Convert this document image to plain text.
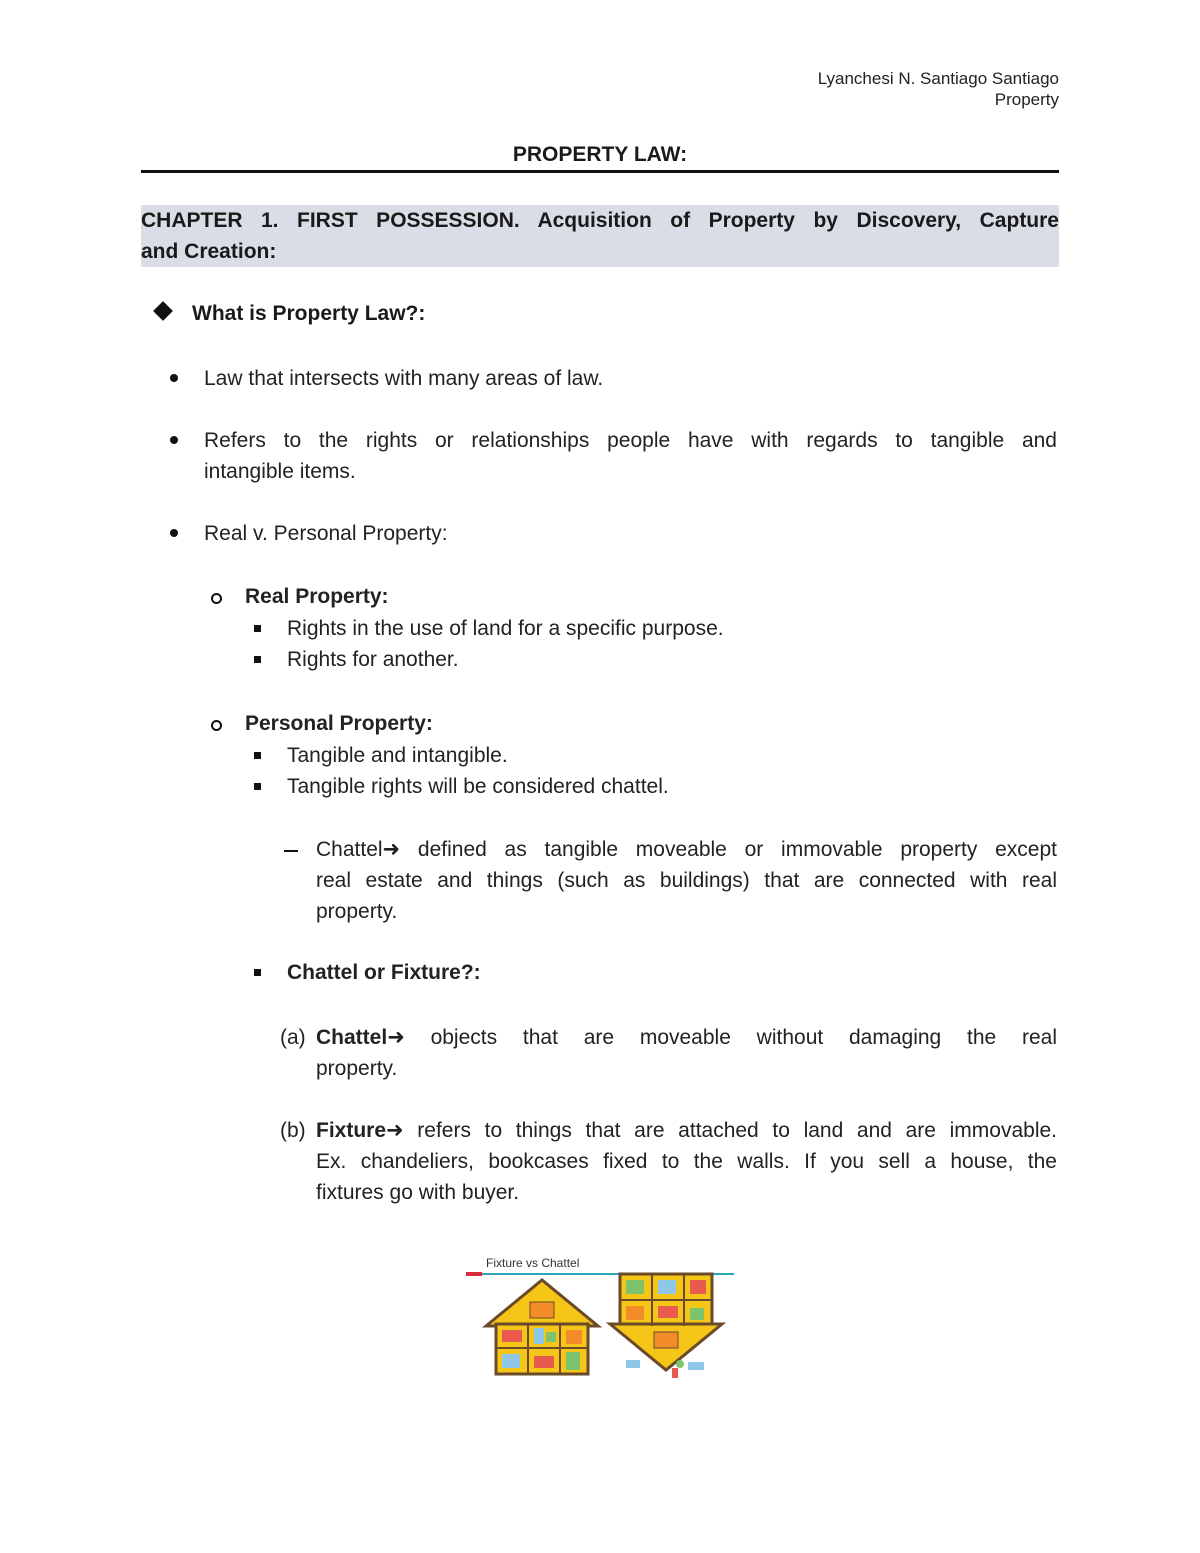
Lyanchesi N. Santiago Santiago
Property
PROPERTY LAW:
CHAPTER 1. FIRST POSSESSION. Acquisition of Property by Discovery, Capture
and Creation:
What is Property Law?:
Law that intersects with many areas of law.
Refers to the rights or relationships people have with regards to tangible and
intangible items.
Real v. Personal Property:
Real Property:
Rights in the use of land for a specific purpose.
Rights for another.
Personal Property:
Tangible and intangible.
Tangible rights will be considered chattel.
Chattel➜ defined as tangible moveable or immovable property except
real estate and things (such as buildings) that are connected with real
property.
Chattel or Fixture?:
(a) Chattel➜ objects that are moveable without damaging the real
property.
(b) Fixture➜ refers to things that are attached to land and are immovable.
Ex. chandeliers, bookcases fixed to the walls. If you sell a house, the
fixtures go with buyer.
Fixture vs Chattel
